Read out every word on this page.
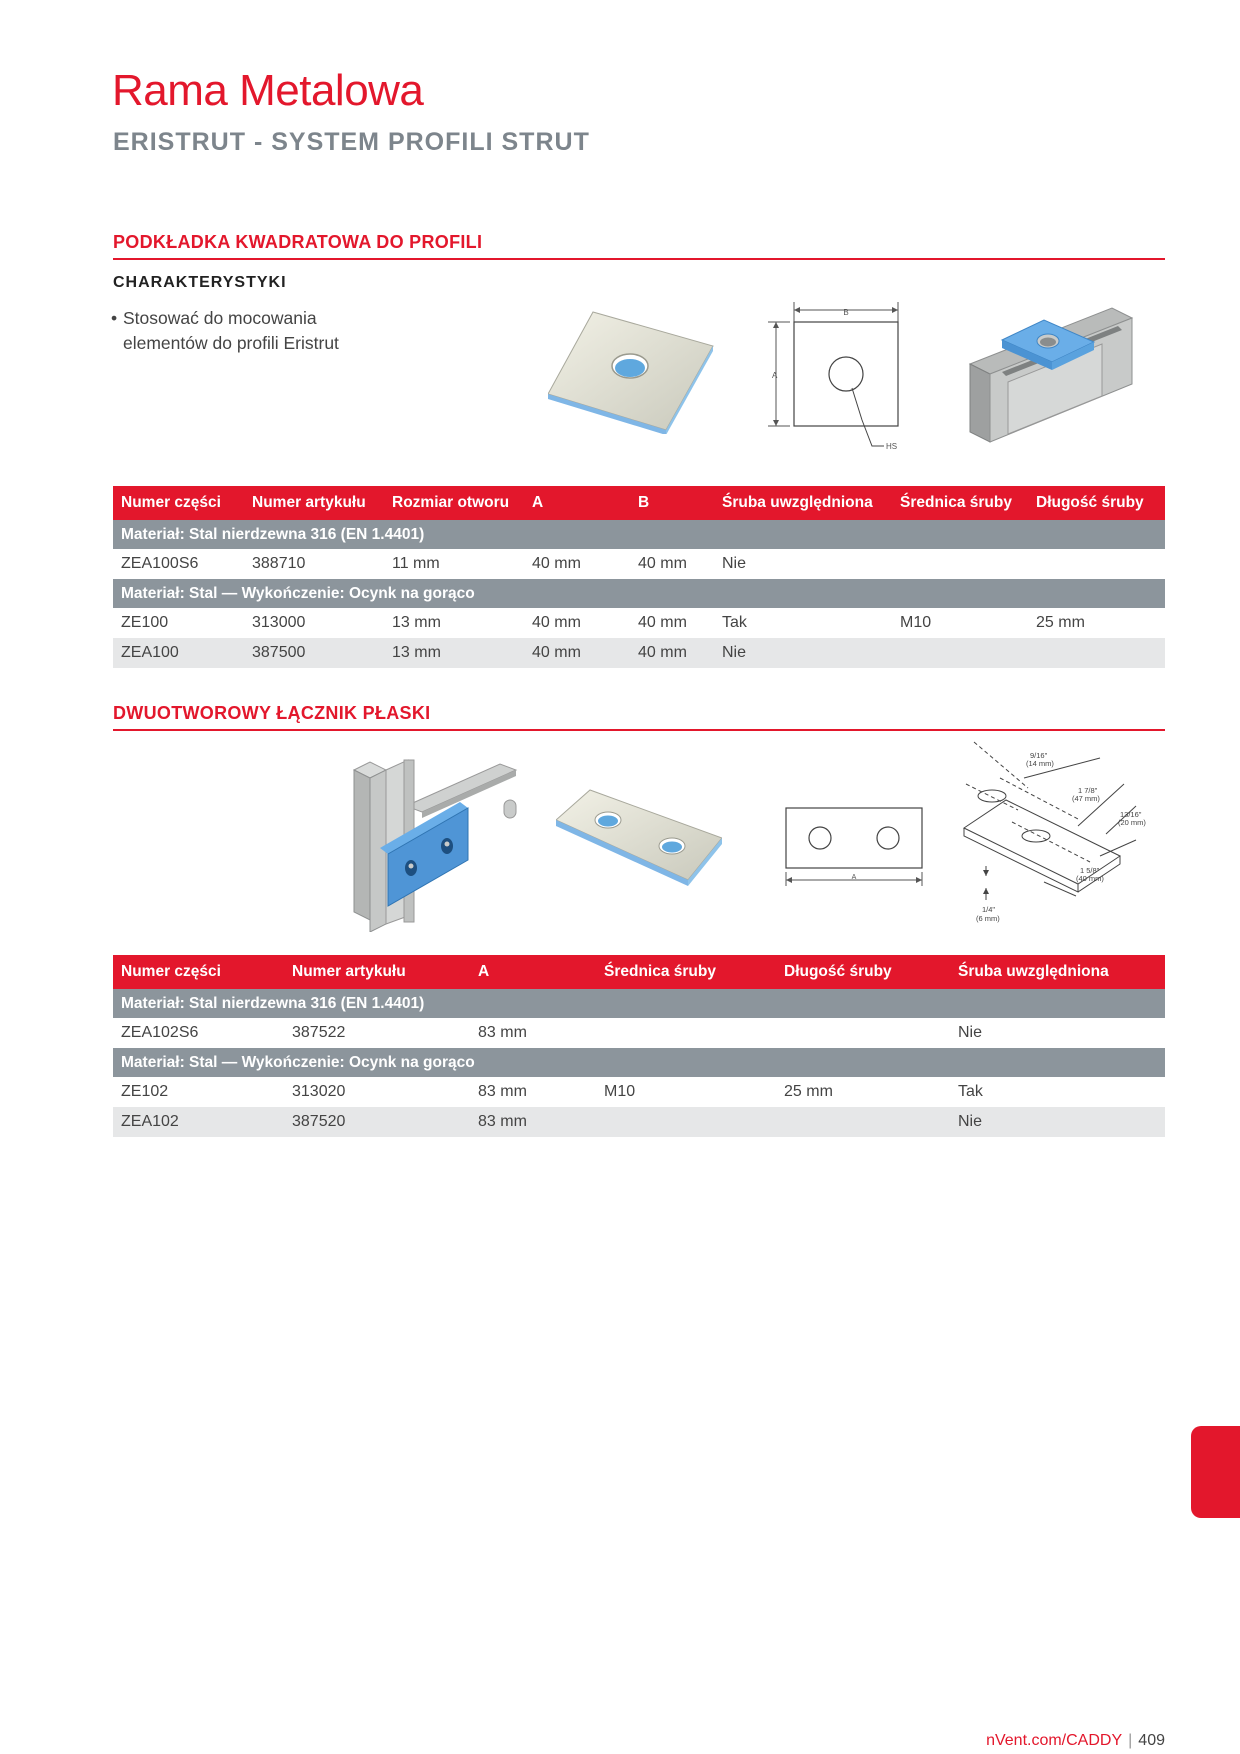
Rama Metalowa
ERISTRUT - SYSTEM PROFILI STRUT
PODKŁADKA KWADRATOWA DO PROFILI
CHARAKTERYSTYKI
• Stosować do mocowania
elementów do profili Eristrut
B
A
HS
Numer części	Numer artykułu	Rozmiar otworu	A	B	Śruba uwzględniona	Średnica śruby	Długość śruby
Materiał: Stal nierdzewna 316 (EN 1.4401)							
ZEA100S6	388710	11 mm	40 mm	40 mm	Nie		
Materiał: Stal — Wykończenie: Ocynk na gorąco							
ZE100	313000	13 mm	40 mm	40 mm	Tak	M10	25 mm
ZEA100	387500	13 mm	40 mm	40 mm	Nie		
DWUOTWOROWY ŁĄCZNIK PŁASKI
A
9/16"
(14 mm)
1 7/8"
(47 mm)
13/16"
(20 mm)
1 5/8"
(40 mm)
1/4"
(6 mm)
Numer części	Numer artykułu	A	Średnica śruby	Długość śruby	Śruba uwzględniona
Materiał: Stal nierdzewna 316 (EN 1.4401)					
ZEA102S6	387522	83 mm			Nie
Materiał: Stal — Wykończenie: Ocynk na gorąco					
ZE102	313020	83 mm	M10	25 mm	Tak
ZEA102	387520	83 mm			Nie
nVent.com/CADDY | 409
